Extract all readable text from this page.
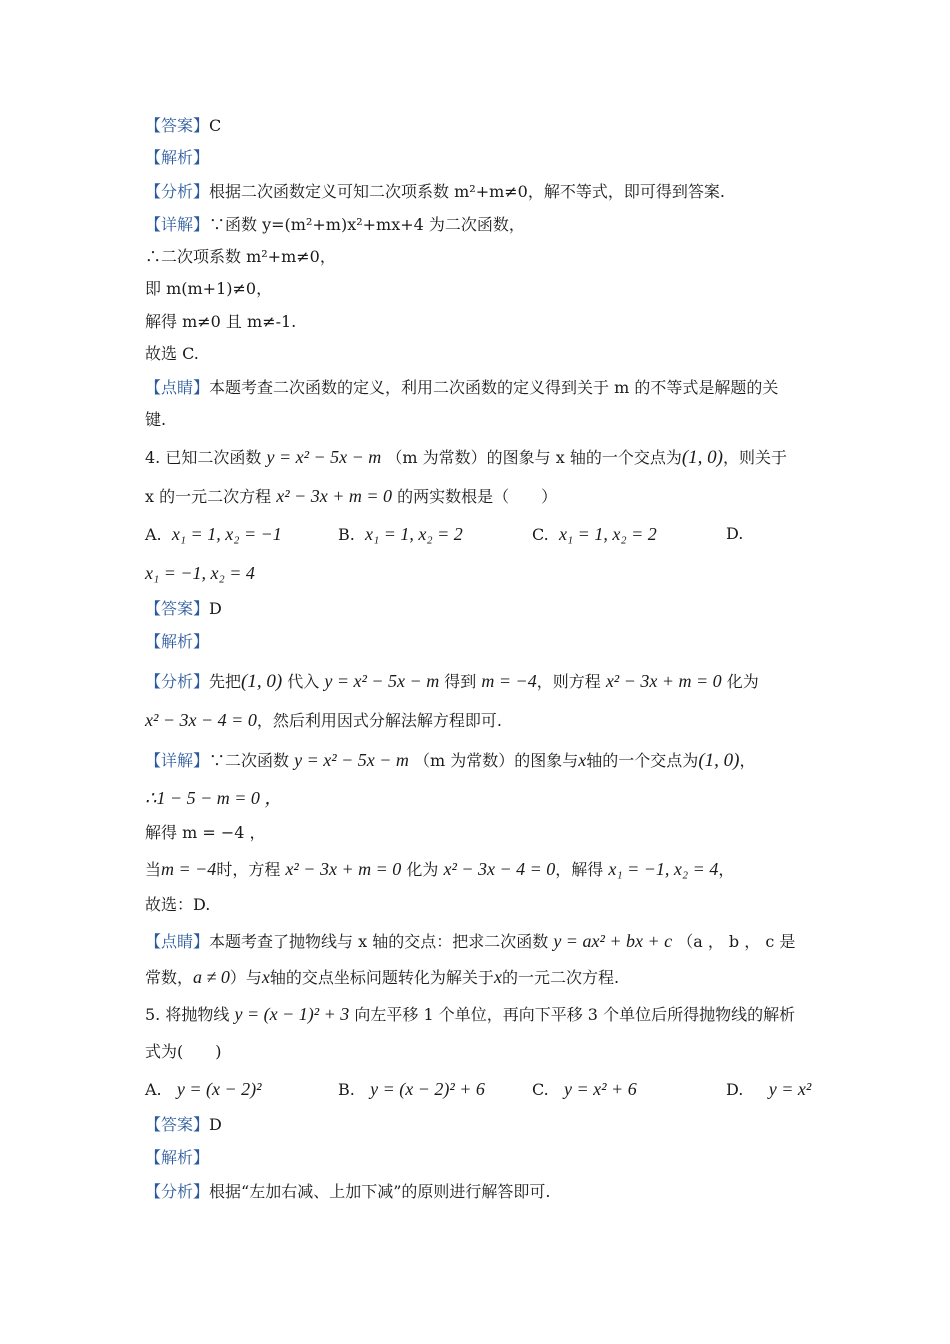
【答案】C
【解析】
【分析】根据二次函数定义可知二次项系数 m²+m≠0，解不等式，即可得到答案.
【详解】∵函数 y=(m²+m)x²+mx+4 为二次函数，
∴二次项系数 m²+m≠0，
即 m(m+1)≠0，
解得 m≠0 且 m≠-1.
故选 C.
【点睛】本题考查二次函数的定义，利用二次函数的定义得到关于 m 的不等式是解题的关
键.
4. 已知二次函数 y = x² − 5x − m （m 为常数）的图象与 x 轴的一个交点为(1, 0)，则关于
x 的一元二次方程 x² − 3x + m = 0 的两实数根是（　　）
A. x₁ = 1, x₂ = −1	B. x₁ = 1, x₂ = 2	C. x₁ = 1, x₂ = 2	D.
x₁ = −1, x₂ = 4
【答案】D
【解析】
【分析】先把(1, 0) 代入 y = x² − 5x − m 得到 m = −4，则方程 x² − 3x + m = 0 化为
x² − 3x − 4 = 0，然后利用因式分解法解方程即可.
【详解】∵二次函数 y = x² − 5x − m （m 为常数）的图象与x轴的一个交点为(1, 0)，
∴1 − 5 − m = 0 ，
解得 m = −4 ，
当m = −4时，方程 x² − 3x + m = 0 化为 x² − 3x − 4 = 0，解得 x₁ = −1, x₂ = 4，
故选：D.
【点睛】本题考查了抛物线与 x 轴的交点：把求二次函数 y = ax² + bx + c （a ， b ， c 是
常数，a ≠ 0）与x轴的交点坐标问题转化为解关于x的一元二次方程.
5. 将抛物线 y = (x − 1)² + 3 向左平移 1 个单位，再向下平移 3 个单位后所得抛物线的解析
式为(　　)
A. y = (x − 2)²	B. y = (x − 2)² + 6	C. y = x² + 6	D. y = x²
【答案】D
【解析】
【分析】根据“左加右减、上加下减”的原则进行解答即可.
